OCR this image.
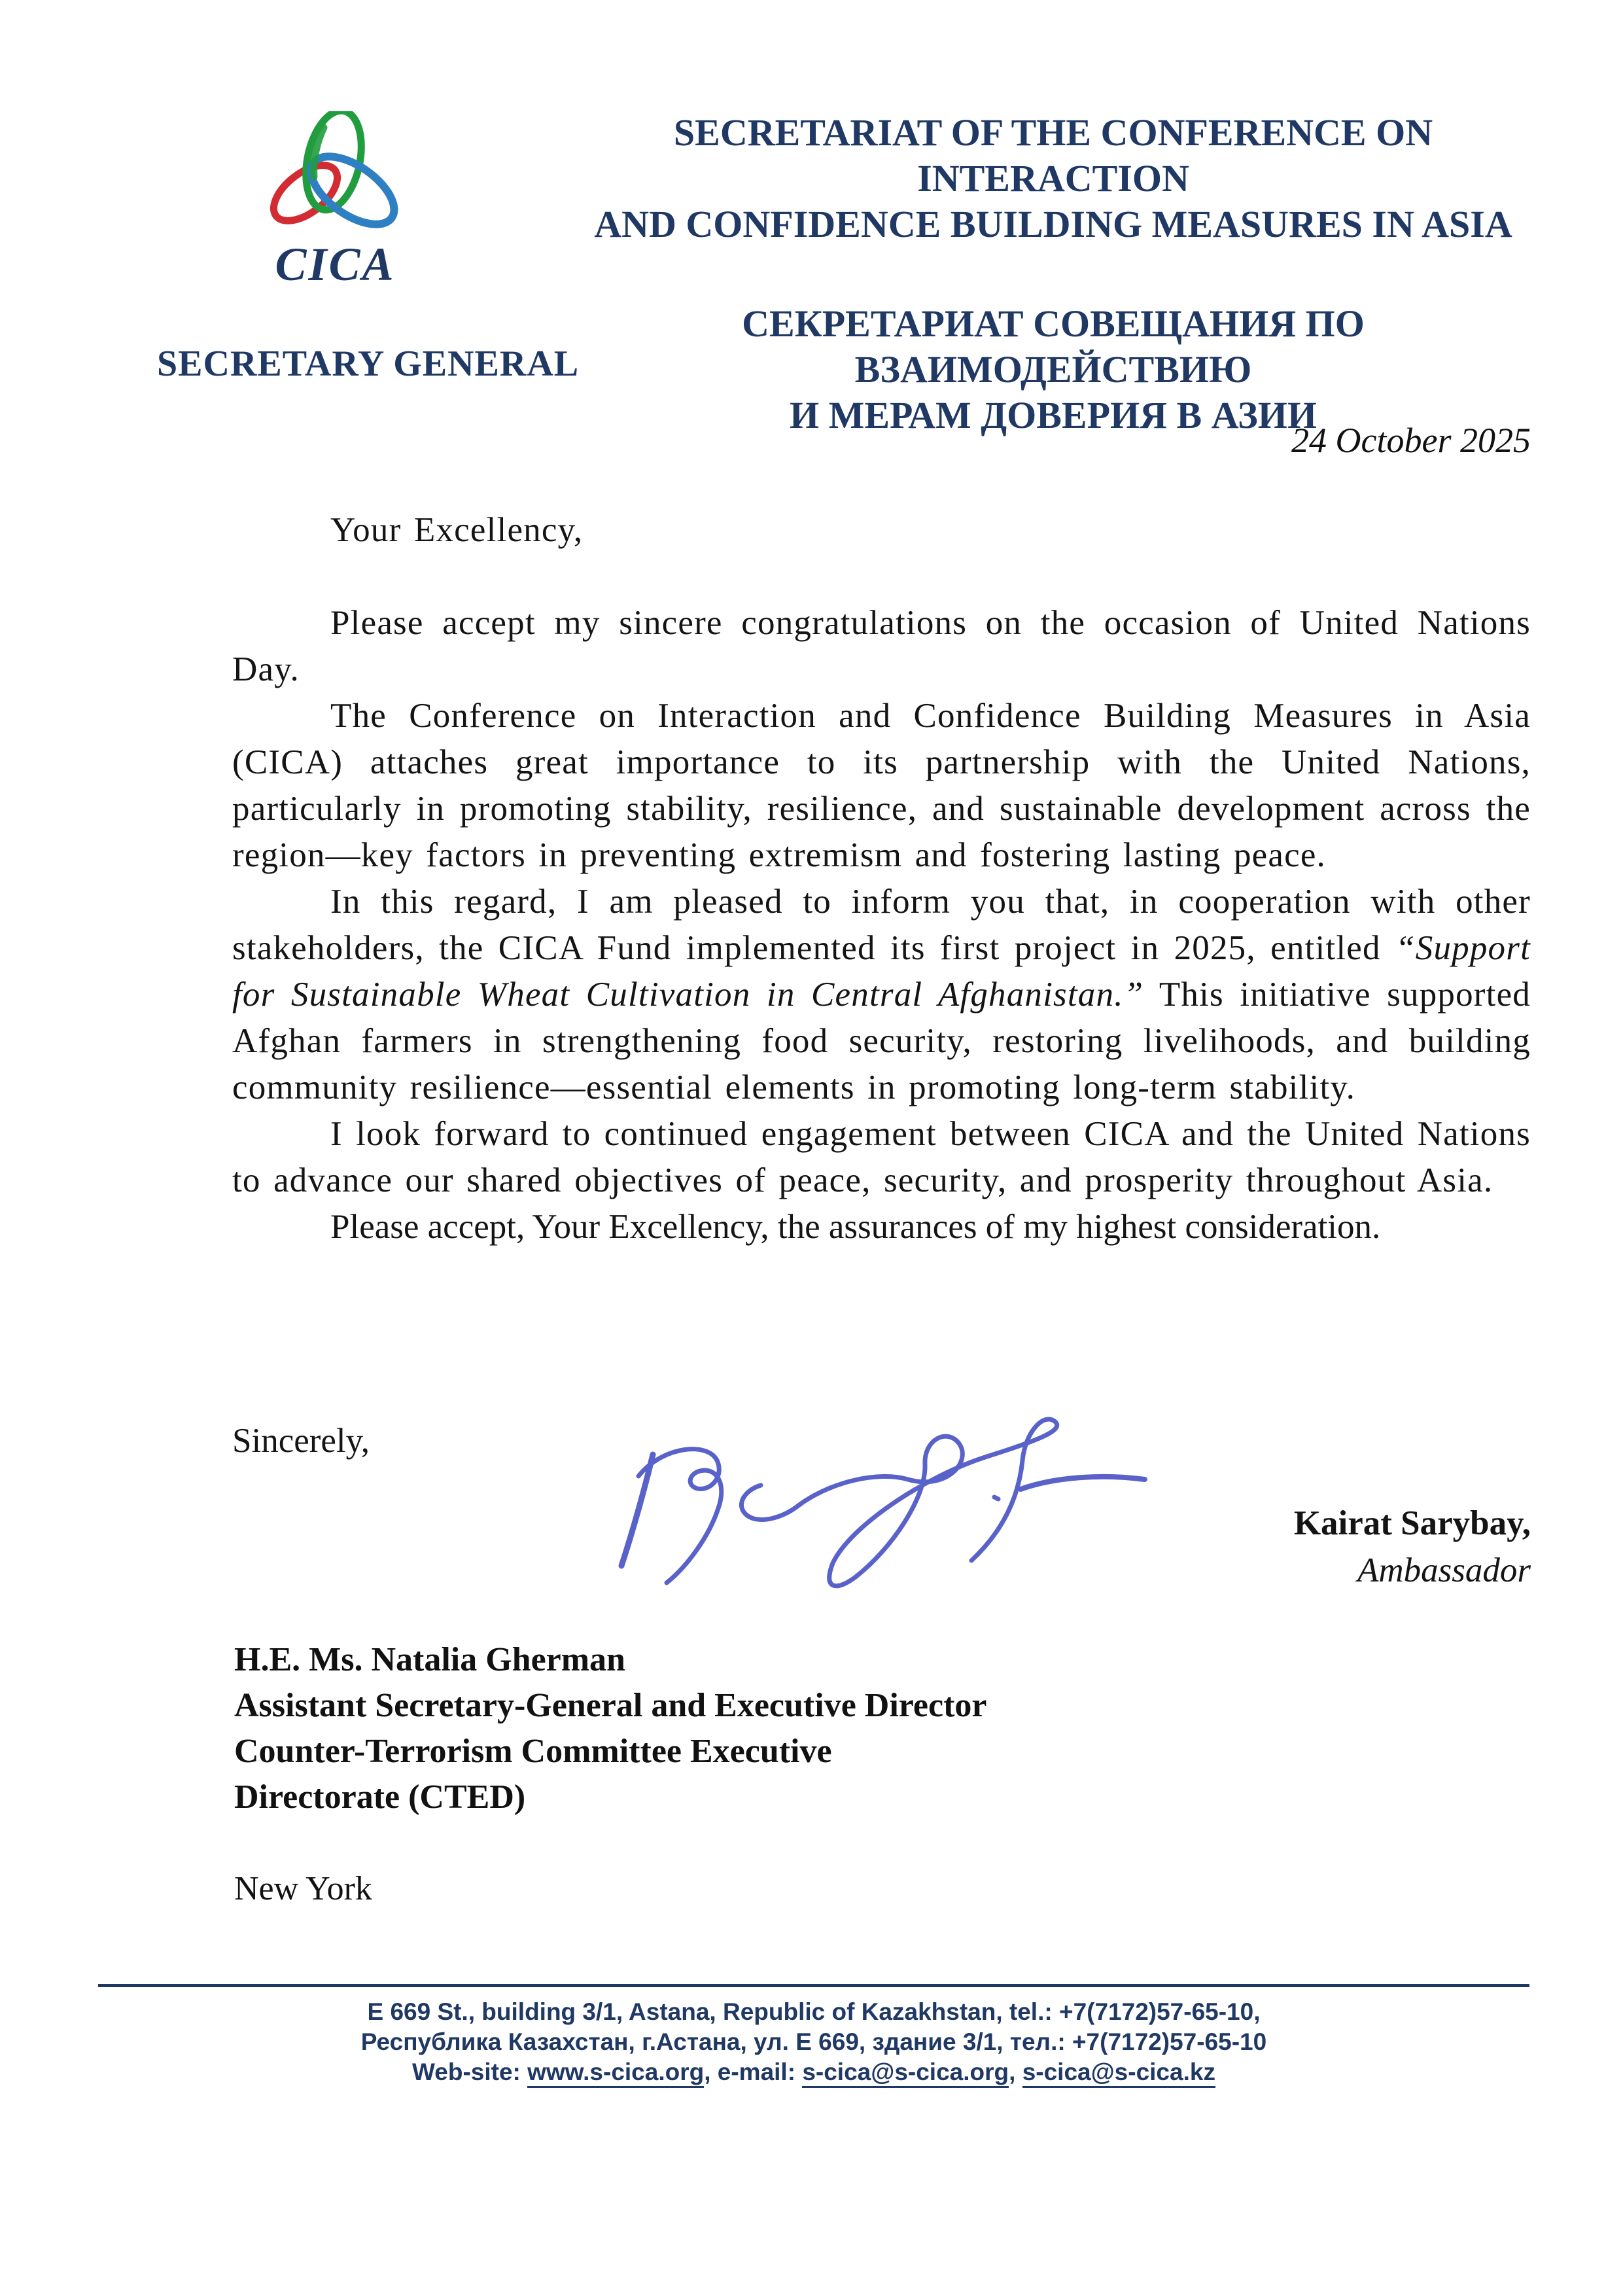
CICA
SECRETARIAT OF THE CONFERENCE ON INTERACTION
AND CONFIDENCE BUILDING MEASURES IN ASIA
СЕКРЕТАРИАТ СОВЕЩАНИЯ ПО ВЗАИМОДЕЙСТВИЮ
И МЕРАМ ДОВЕРИЯ В АЗИИ
SECRETARY GENERAL
24 October 2025

Your Excellency,

Please accept my sincere congratulations on the occasion of United Nations Day.

The Conference on Interaction and Confidence Building Measures in Asia (CICA) attaches great importance to its partnership with the United Nations, particularly in promoting stability, resilience, and sustainable development across the region—key factors in preventing extremism and fostering lasting peace.

In this regard, I am pleased to inform you that, in cooperation with other stakeholders, the CICA Fund implemented its first project in 2025, entitled “Support for Sustainable Wheat Cultivation in Central Afghanistan.” This initiative supported Afghan farmers in strengthening food security, restoring livelihoods, and building community resilience—essential elements in promoting long-term stability.

I look forward to continued engagement between CICA and the United Nations to advance our shared objectives of peace, security, and prosperity throughout Asia.

Please accept, Your Excellency, the assurances of my highest consideration.

Sincerely,
Kairat Sarybay,
Ambassador
H.E. Ms. Natalia Gherman
Assistant Secretary-General and Executive Director
Counter-Terrorism Committee Executive
Directorate (CTED)
New York
E 669 St., building 3/1, Astana, Republic of Kazakhstan, tel.: +7(7172)57-65-10,
Республика Казахстан, г.Астана, ул. Е 669, здание 3/1, тел.: +7(7172)57-65-10
Web-site: www.s-cica.org, e-mail: s-cica@s-cica.org, s-cica@s-cica.kz
